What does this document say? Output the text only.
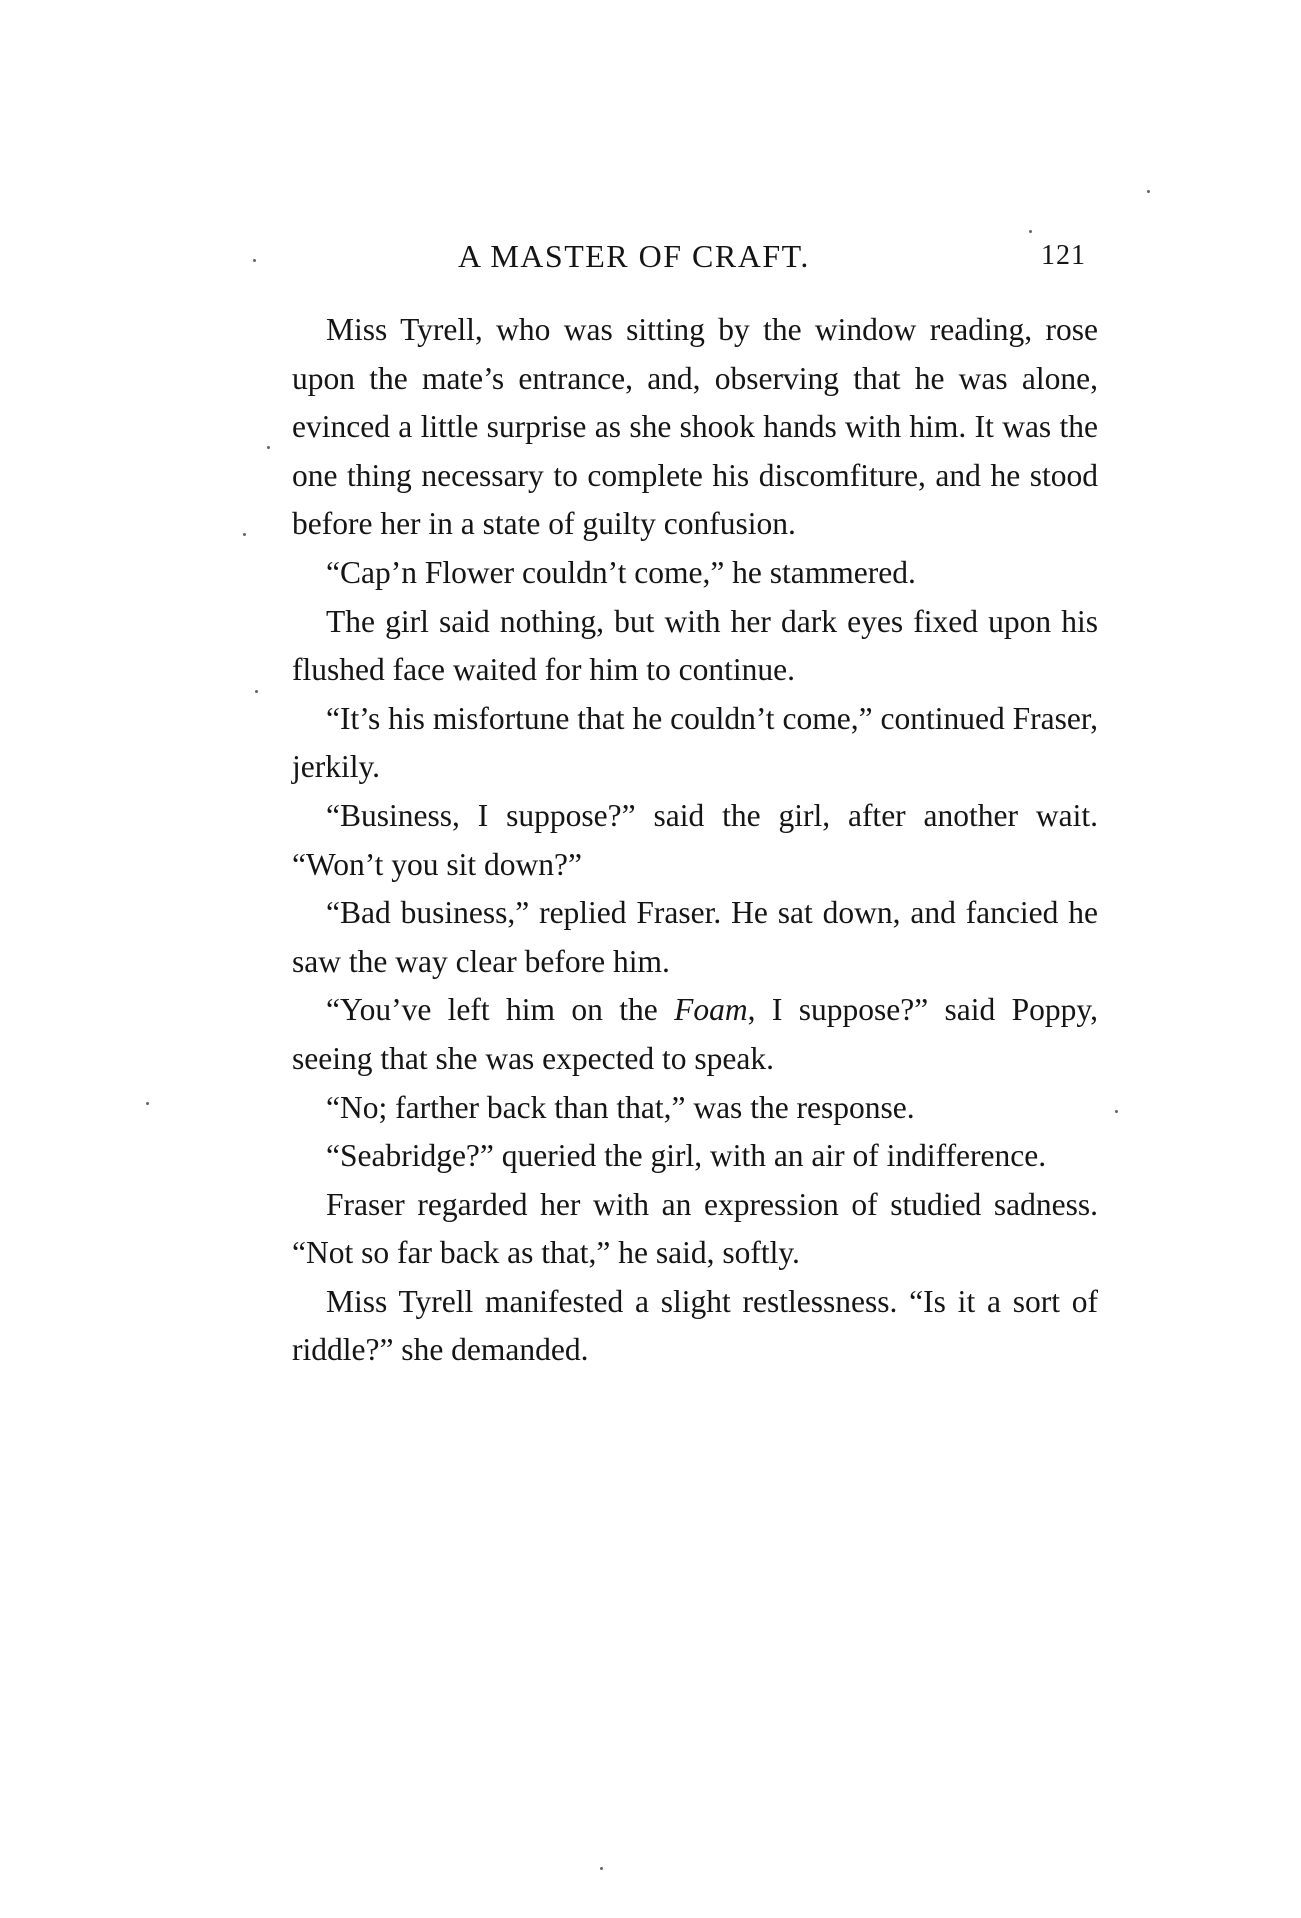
A MASTER OF CRAFT.	121

Miss Tyrell, who was sitting by the window reading, rose upon the mate’s entrance, and, observing that he was alone, evinced a little surprise as she shook hands with him. It was the one thing necessary to complete his discomfiture, and he stood before her in a state of guilty confusion.

“Cap’n Flower couldn’t come,” he stammered.

The girl said nothing, but with her dark eyes fixed upon his flushed face waited for him to continue.

“It’s his misfortune that he couldn’t come,” continued Fraser, jerkily.

“Business, I suppose?” said the girl, after another wait. “Won’t you sit down?”

“Bad business,” replied Fraser. He sat down, and fancied he saw the way clear before him.

“You’ve left him on the Foam, I suppose?” said Poppy, seeing that she was expected to speak.

“No; farther back than that,” was the response.

“Seabridge?” queried the girl, with an air of indifference.

Fraser regarded her with an expression of studied sadness. “Not so far back as that,” he said, softly.

Miss Tyrell manifested a slight restlessness. “Is it a sort of riddle?” she demanded.
